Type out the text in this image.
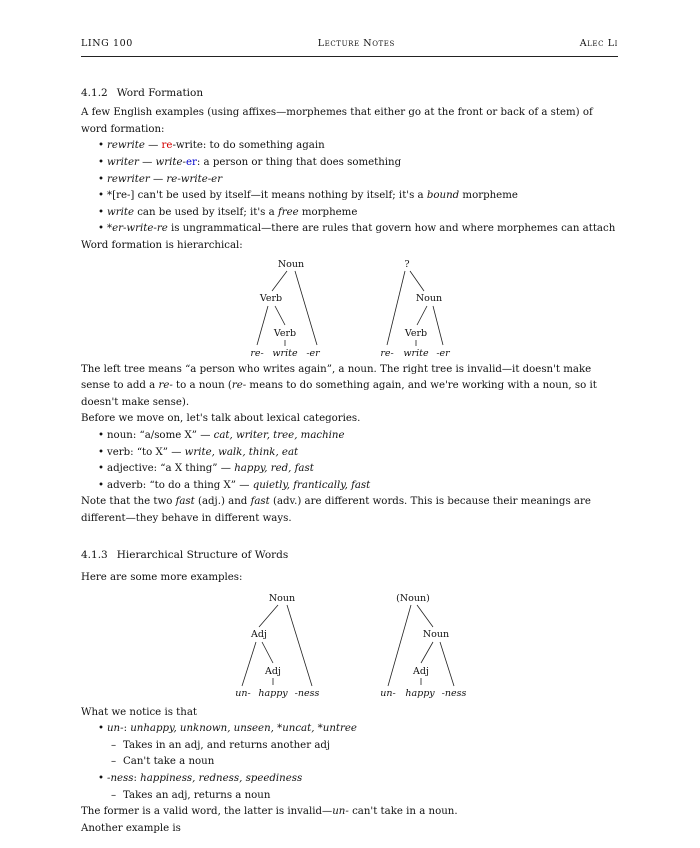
LING 100	Lecture Notes	Alec Li
4.1.2 Word Formation

A few English examples (using affixes—morphemes that either go at the front or back of a stem) of word formation:

• rewrite — re-write: to do something again
• writer — write-er: a person or thing that does something
• rewriter — re-write-er
• *[re-] can't be used by itself—it means nothing by itself; it's a bound morpheme
• write can be used by itself; it's a free morpheme
• *er-write-re is ungrammatical—there are rules that govern how and where morphemes can attach

Word formation is hierarchical:

Noun
Verb
Verb
re- write -er
?
Noun
Verb
re- write -er

The left tree means “a person who writes again”, a noun. The right tree is invalid—it doesn't make sense to add a re- to a noun (re- means to do something again, and we're working with a noun, so it doesn't make sense).

Before we move on, let's talk about lexical categories.

• noun: “a/some X” — cat, writer, tree, machine
• verb: “to X” — write, walk, think, eat
• adjective: “a X thing” — happy, red, fast
• adverb: “to do a thing X” — quietly, frantically, fast

Note that the two fast (adj.) and fast (adv.) are different words. This is because their meanings are different—they behave in different ways.

4.1.3 Hierarchical Structure of Words

Here are some more examples:

Noun
Adj
Adj
un- happy -ness
(Noun)
Noun
Adj
un- happy -ness

What we notice is that

• un-: unhappy, unknown, unseen, *uncat, *untree
– Takes in an adj, and returns another adj
– Can't take a noun
• -ness: happiness, redness, speediness
– Takes an adj, returns a noun

The former is a valid word, the latter is invalid—un- can't take in a noun.

Another example is
